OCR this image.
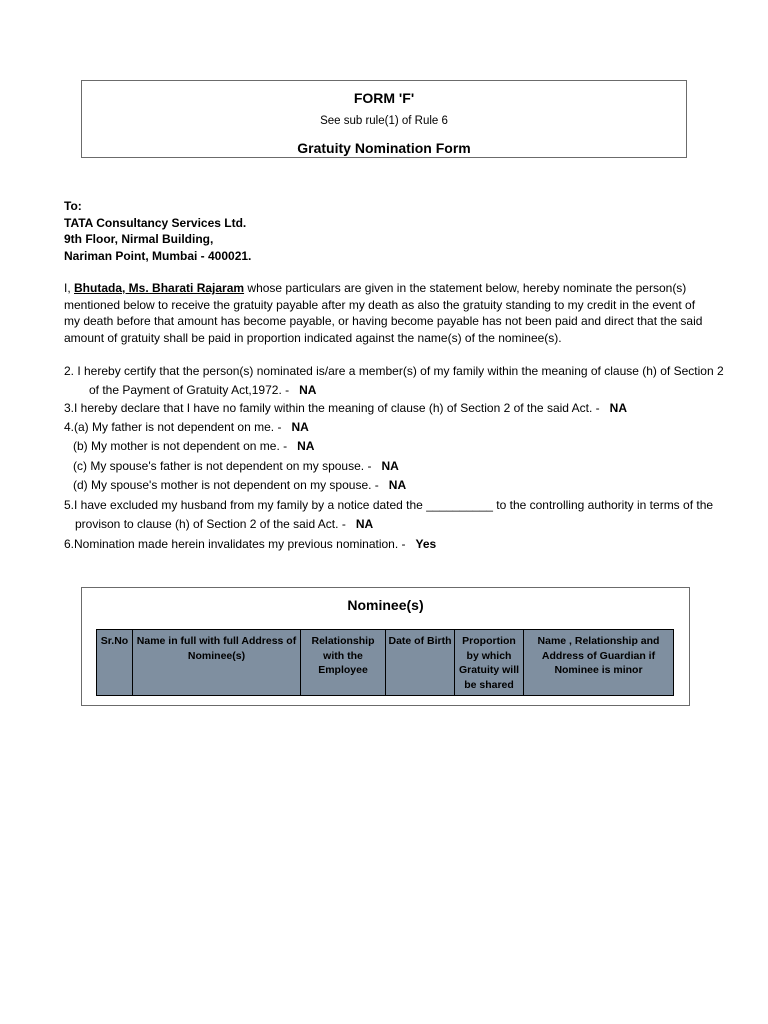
FORM 'F'
See sub rule(1) of Rule 6
Gratuity Nomination Form
To:
TATA Consultancy Services Ltd.
9th Floor, Nirmal Building,
Nariman Point, Mumbai - 400021.
I, Bhutada, Ms. Bharati Rajaram whose particulars are given in the statement below, hereby nominate the person(s) mentioned below to receive the gratuity payable after my death as also the gratuity standing to my credit in the event of my death before that amount has become payable, or having become payable has not been paid and direct that the said amount of gratuity shall be paid in proportion indicated against the name(s) of the nominee(s).
2. I hereby certify that the person(s) nominated is/are a member(s) of my family within the meaning of clause (h) of Section 2
of the Payment of Gratuity Act,1972. - NA
3.I hereby declare that I have no family within the meaning of clause (h) of Section 2 of the said Act. - NA
4.(a) My father is not dependent on me. - NA
(b) My mother is not dependent on me. - NA
(c) My spouse's father is not dependent on my spouse. - NA
(d) My spouse's mother is not dependent on my spouse. - NA
5.I have excluded my husband from my family by a notice dated the __________ to the controlling authority in terms of the
provison to clause (h) of Section 2 of the said Act. - NA
6.Nomination made herein invalidates my previous nomination. - Yes
Nominee(s)
Sr.No	Name in full with full Address of Nominee(s)	Relationship with the Employee	Date of Birth	Proportion by which Gratuity will be shared	Name , Relationship and Address of Guardian if Nominee is minor
